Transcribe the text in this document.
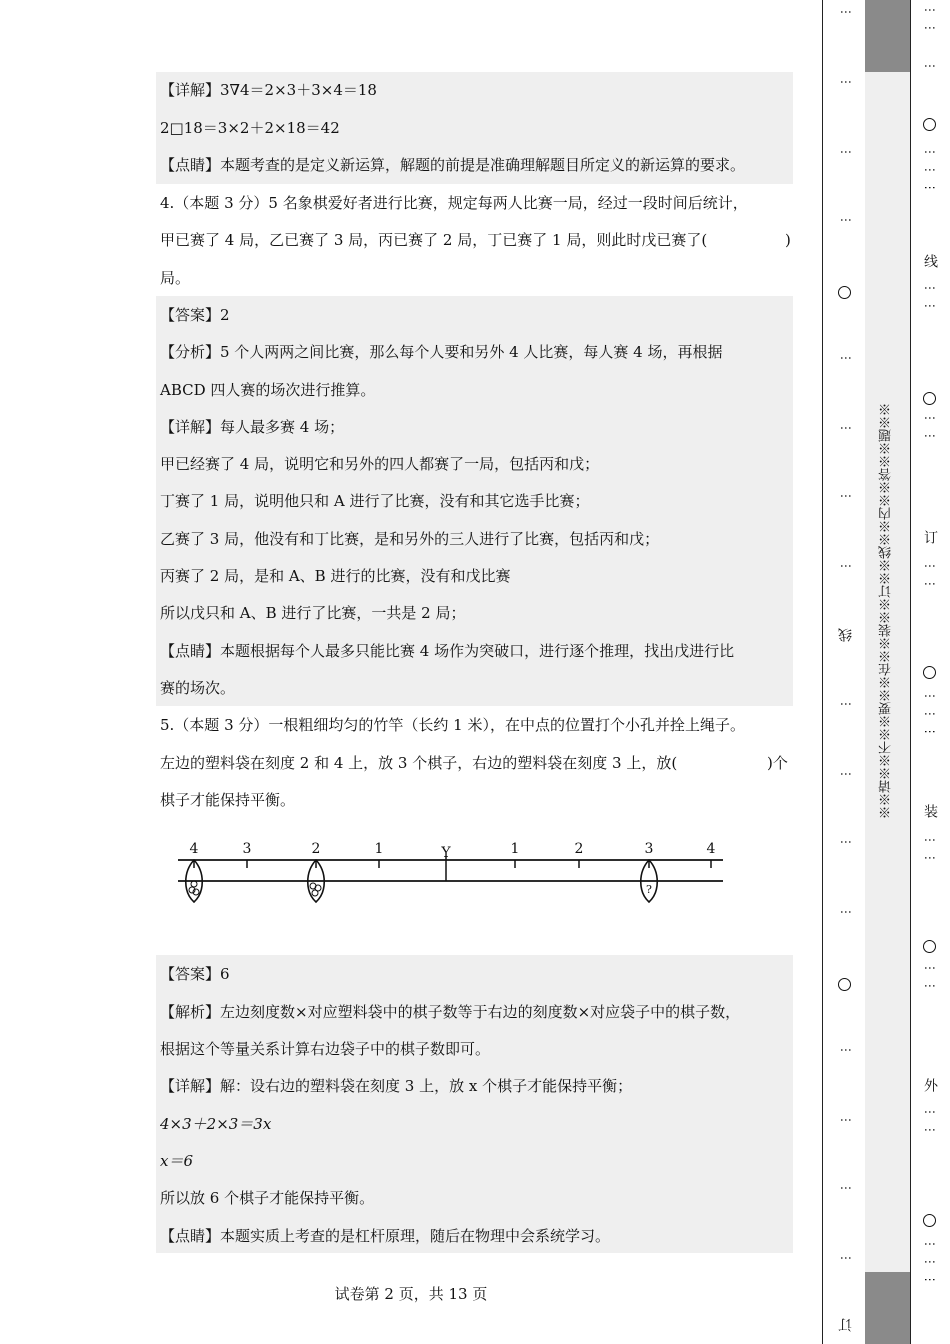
【详解】3∇4＝2×3＋3×4＝18
2□18＝3×2＋2×18＝42
【点睛】本题考查的是定义新运算，解题的前提是准确理解题目所定义的新运算的要求。
4.（本题 3 分）5 名象棋爱好者进行比赛，规定每两人比赛一局，经过一段时间后统计，
甲已赛了 4 局，乙已赛了 3 局，丙已赛了 2 局，丁已赛了 1 局，则此时戊已赛了(	)
局。
【答案】2
【分析】5 个人两两之间比赛，那么每个人要和另外 4 人比赛，每人赛 4 场，再根据
ABCD 四人赛的场次进行推算。
【详解】每人最多赛 4 场；
甲已经赛了 4 局，说明它和另外的四人都赛了一局，包括丙和戊；
丁赛了 1 局，说明他只和 A 进行了比赛，没有和其它选手比赛；
乙赛了 3 局，他没有和丁比赛，是和另外的三人进行了比赛，包括丙和戊；
丙赛了 2 局，是和 A、B 进行的比赛，没有和戊比赛
所以戊只和 A、B 进行了比赛，一共是 2 局；
【点睛】本题根据每个人最多只能比赛 4 场作为突破口，进行逐个推理，找出戊进行比
赛的场次。
5.（本题 3 分）一根粗细均匀的竹竿（长约 1 米），在中点的位置打个小孔并拴上绳子。
左边的塑料袋在刻度 2 和 4 上，放 3 个棋子，右边的塑料袋在刻度 3 上，放(	)个
棋子才能保持平衡。
4	3	2	1	Y	1	2	3	4
?
【答案】6
【解析】左边刻度数×对应塑料袋中的棋子数等于右边的刻度数×对应袋子中的棋子数，
根据这个等量关系计算右边袋子中的棋子数即可。
【详解】解：设右边的塑料袋在刻度 3 上，放 x 个棋子才能保持平衡；
4×3＋2×3＝3x
x＝6
所以放 6 个棋子才能保持平衡。
【点睛】本题实质上考查的是杠杆原理，随后在物理中会系统学习。
试卷第 2 页，共 13 页
※※请※※不※※要※※在※※装※※订※※线※※内※※答※※题※※
⋮
⋮
⋮
⋮
⋮
⋮
⋮
⋮
线
⋮
⋮
⋮
⋮
⋮
⋮
⋮
⋮
订
⋮ ⋮
⋮
⋮ ⋮ ⋮
线
⋮ ⋮
⋮ ⋮
订
⋮ ⋮
⋮ ⋮ ⋮
装
⋮ ⋮
⋮ ⋮
外
⋮ ⋮
⋮ ⋮ ⋮
